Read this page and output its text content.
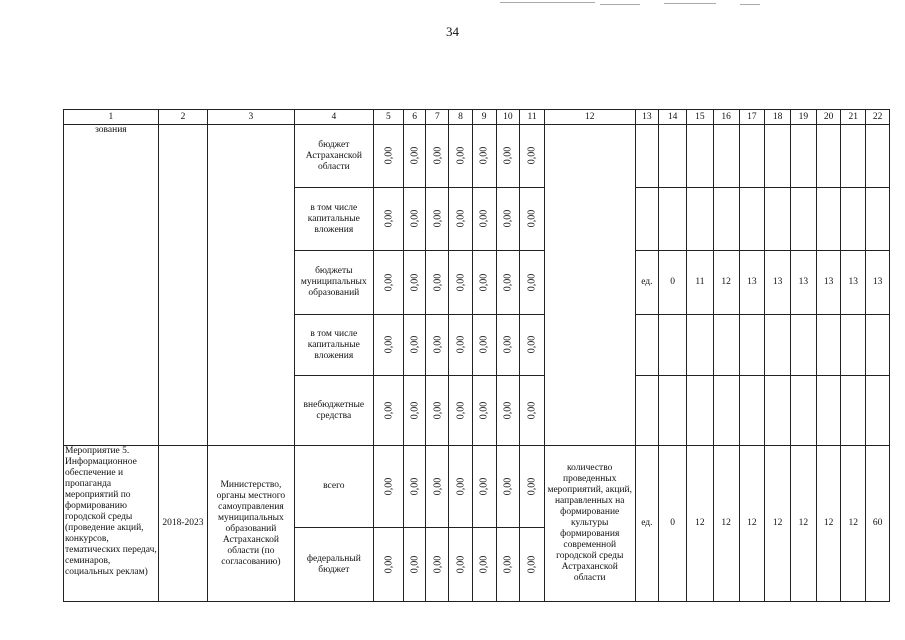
34
1	2	3	4	5	6	7	8	9	10	11	12	13	14	15	16	17	18	19	20	21	22
зования			бюджет Астраханской области	0,00	0,00	0,00	0,00	0,00	0,00	0,00											
			в том числе капитальные вложения	0,00	0,00	0,00	0,00	0,00	0,00	0,00											
			бюджеты муниципальных образований	0,00	0,00	0,00	0,00	0,00	0,00	0,00		ед.	0	11	12	13	13	13	13	13	13
			в том числе капитальные вложения	0,00	0,00	0,00	0,00	0,00	0,00	0,00											
			внебюджетные средства	0,00	0,00	0,00	0,00	0,00	0,00	0,00											
Мероприятие 5. Информационное обеспечение и пропаганда мероприятий по формированию городской среды (проведение акций, конкурсов, тематических передач, семинаров, социальных реклам)	2018-2023	Министерство, органы местного самоуправления муниципальных образований Астраханской области (по согласованию)	всего	0,00	0,00	0,00	0,00	0,00	0,00	0,00	количество проведенных мероприятий, акций, направленных на формирование культуры формирования современной городской среды Астраханской области	ед.	0	12	12	12	12	12	12	12	60
			федеральный бюджет	0,00	0,00	0,00	0,00	0,00	0,00	0,00											
